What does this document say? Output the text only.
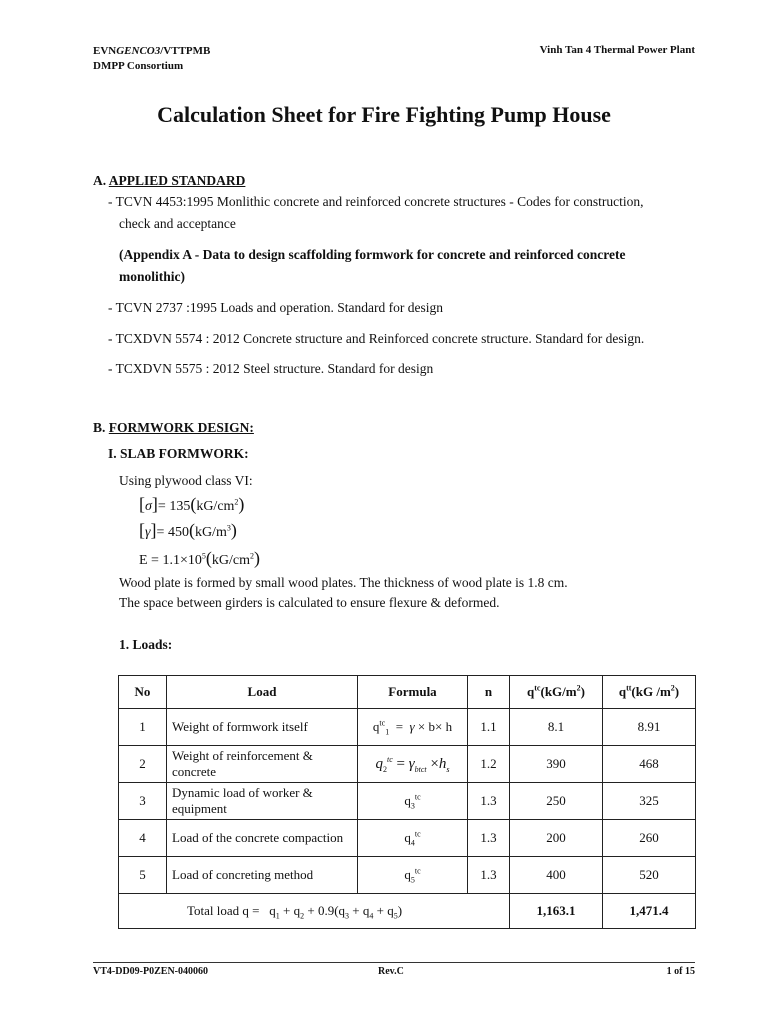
EVNGENCO3/VTTPMB
DMPP Consortium
Vinh Tan 4 Thermal Power Plant
Calculation Sheet for Fire Fighting Pump House
A. APPLIED STANDARD
- TCVN 4453:1995 Monlithic concrete and reinforced concrete structures - Codes for construction,
check and acceptance
(Appendix A - Data to design scaffolding formwork for concrete and reinforced concrete
monolithic)
- TCVN 2737 :1995 Loads and operation. Standard for design
- TCXDVN 5574 : 2012 Concrete structure and Reinforced concrete structure. Standard for design.
- TCXDVN 5575 : 2012 Steel structure. Standard for design
B. FORMWORK DESIGN:
I. SLAB FORMWORK:
Using plywood class VI:
$[\sigma]= 135(kG/cm^2)$
$[\gamma]= 450(kG/m^3)$
$E = 1.1\times 10^5(kG/cm^2)$
Wood plate is formed by small wood plates. The thickness of wood plate is 1.8 cm.
The space between girders is calculated to ensure flexure & deformed.
1. Loads:
No	Load	Formula	n	$q^{tc}(kG/m^2)$	$q^{tt}(kG$ $/m^2$)
1	Weight of formwork itself	$q^{tc}_1 = \gamma \times b\times h$	1.1	8.1	8.91
2	Weight of reinforcement & concrete	$q_2^{tc} = \gamma_{btct} \times h_s$	1.2	390	468
3	Dynamic load of worker & equipment	$q_3^{tc}$	1.3	250	325
4	Load of the concrete compaction	$q_4^{tc}$	1.3	200	260
5	Load of concreting method	$q_5^{tc}$	1.3	400	520
Total load $q = q_1 + q_2 + 0.9(q_3 + q_4 + q_5)$				1,163.1	1,471.4
VT4-DD09-P0ZEN-040060	Rev.C	1 of 15
